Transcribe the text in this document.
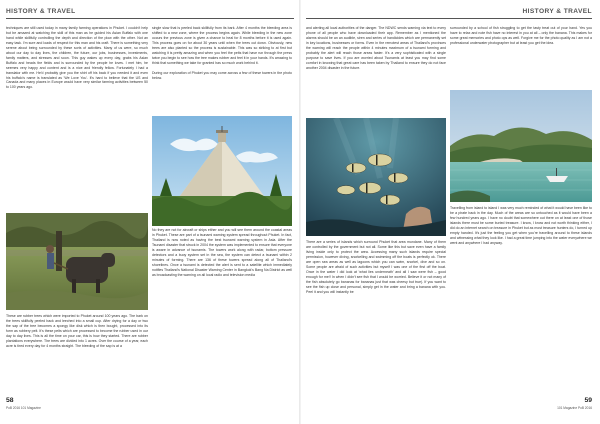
HISTORY & TRAVEL
techniques are still used today in many family farming operations in Phuket. I couldn't help but be amazed at watching the skill of this man as he guided his Asian Buffalo with one hand while skillfully controlling the depth and direction of the plow with the other. Not an easy task. I'm sure and loads of respect for this man and his craft. There is something very serene about being surrounded by these sorts of activities. Many of us were, so much about our day to day lives, the children, the future, our jobs, businesses, investments, family matters, and stresses and soon. This guy wakes up every day, grabs his Asian Buffalo and heads the fields and is surrounded by the people he loves. I met him, he seemes very happy and content and is a nice and friendly fellow. Fortunately I had a translator with me. He'd probably give you the shirt off his back if you needed it and even his buffalo's name is translated as 'We Love You'. It's hard to believe that the US and Canada and many places in Europe would have very similar farming activities between 50 to 100 years ago.
These are rubber trees which were imported to Phuket around 100 years ago. The bark on the trees skillfully peeled back and leeched into a small cup. After drying for a day or two the sap of the tree becomes a spongy like disk which is then bought, processed into its form as rubbery pelt. It's these pelts which are processed to become the rubber used in our day to day lives. This is all the time on your car, this is how they started. There are rubber plantations everywhere. The trees are divided into 1 acres. Over the course of a year, each acre is tired every day for 4 months straight. The bleeding of the sap is at a
single slow that is peeled back skillfully from its bark. After 4 months the bleeding area is shifted to a new zone, where the process begins again. While bleeding in the new zone occurs the previous zone is given a chance to heal for 8 months before it is used again. This process goes on for about 30 years until when the trees cut down. Obviously, new trees are also planted so the process is sustainable. This was so striking to at first but watching it is pretty amazing and when you feel the pelts that have run through the press twice you begin to see how the tree makes rubber and feel it in your hands. It's amazing to think that something we take for granted has so much work behind it.

During our exploration of Phuket you may come across a few of these towers in the photo below.
No they are not for aircraft or ships either and you will see them around the coastal areas in Phuket. These are part of a tsunami warning system spread throughout Phuket. In fact, Thailand is now noted as having the best tsunami warning system in Asia. After the Tsunami disaster that struck in 2004 the system was implemented to ensure that everyone is aware in advance of tsunamis. The towers work along with radar, bottom pressure detectors and a buoy system set in the sea, the system can detect a tsunami within 2 minutes of forming. There are 136 of these towers spread along all of Thailand's shorelines. Once a tsunami is detected the alert is sent to a satellite which immediately notifies Thailand's National Disaster Warning Center in Bangkok's Bang Na District as well as broadcasting the warning on all local radio and television media
58
PoB 2016 101 Magazine
HISTORY & TRAVEL
and alerting all local authorities of the danger. The NDWC sends warning via text to every phone of all people who have downloaded their app. Remember as I mentioned the alarms should be an an audible, siren and series of handicides which are permanently set in key locations, businesses or forms. Even in the remotest areas of Thailand's provinces the warning will reach the people within 4 minutes maximum of a tsunami forming and probably the alert will reach those areas faster. It's a very sophisticated with a single purpose to save lives. If you are worried about Tsunamis at least you may find some comfort in knowing that great care has been taken by Thailand to ensure they do not face another 2004 disaster in the future.
There are a series of islands which surround Phuket that area mundane. Many of them are controlled by the government but not all. Some like this but save even have a family living inside only to protect the area. Accessing many such islands require special permission, however diving, snorkelling and swimming off the boats is perfectly ok. There are open sea areas as well as lagoons which you can swim, snorkel, dive and so on. Some people are afraid of such activities but myself I was one of the first off the boat. Once in the water I did look at 'what lies underneath' and all I saw were fish – good enough for me!! In when I didn't see fish that I would be worried. Believe it or not many of the fish absolutely go bananas for bananas just that was cheesy but true). If you want to see the fish up close and personal, simply get in the water and bring a banana with you. Peel it and you will instantly be
surrounded by a school of fish struggling to get the tasty treat out of your hand. Yes you have to relax and note fish have no interest in you at all – only the banana. This makes for some great memories and photo ops as well. Forgive me for the photo quality as I am not a professional underwater photographer but at least you get the idea.
Travelling from island to island I was very much reminded of what it would have been like to be a pirate back in the day. Much of the areas are so untouched as it would have been a few hundred years ago. I have no doubt that somewhere out there on at least one of those islands there must be some buried treasure. I know, I know and not worth thinking either, I did do an internet search on treasure in Phuket but as most treasure hunters do, I turned up empty handed. It's just the feeling you get when you're travelling around to these islands and witnessing what they look like. I had a great time jumping into the water everywhere we went and anywhere I had anyway.
59
101 Magazine PoB 2016
